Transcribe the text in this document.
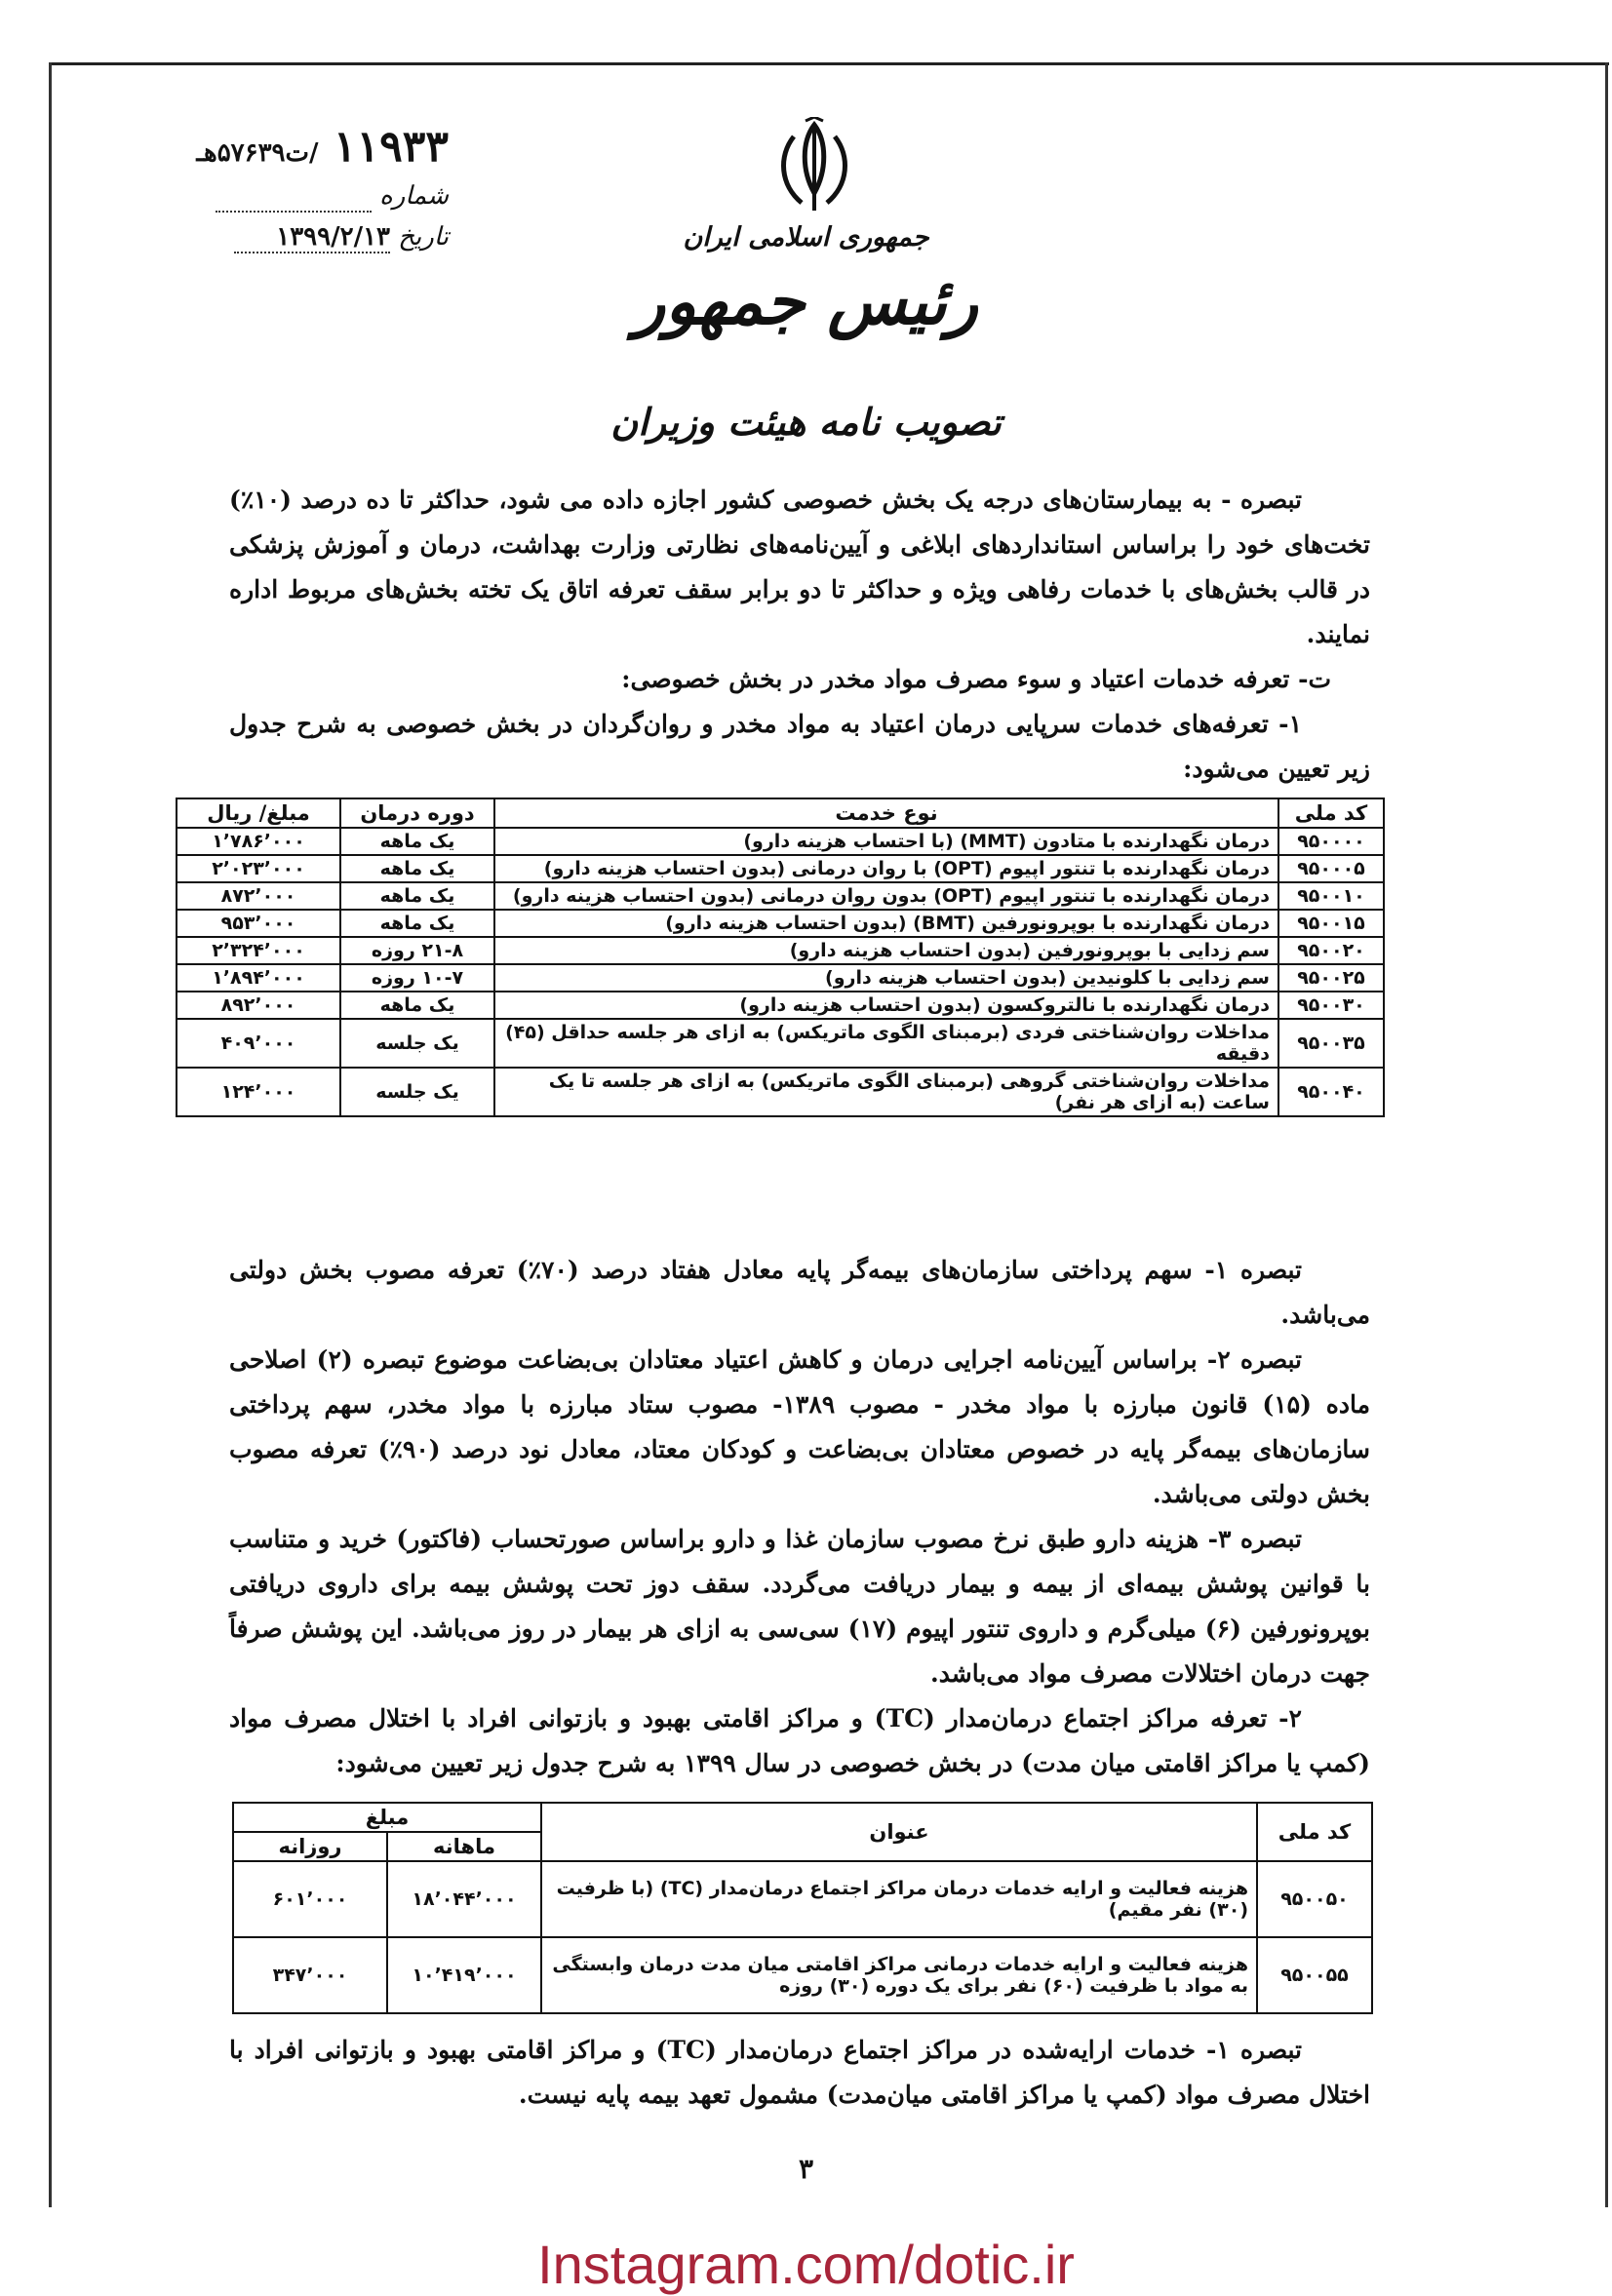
۱۱۹۳۳ /ت۵۷۶۳۹هـ
شماره
تاریخ ۱۳۹۹/۲/۱۳	جمهوری اسلامی ایران
رئیس جمهور
تصویب نامه هیئت وزیران

تبصره - به بیمارستان‌های درجه یک بخش خصوصی کشور اجازه داده می شود، حداکثر تا ده درصد (۱۰٪) تخت‌های خود را براساس استانداردهای ابلاغی و آیین‌نامه‌های نظارتی وزارت بهداشت، درمان و آموزش پزشکی در قالب بخش‌های با خدمات رفاهی ویژه و حداکثر تا دو برابر سقف تعرفه اتاق یک تخته بخش‌های مربوط اداره نمایند.

ت- تعرفه خدمات اعتیاد و سوء مصرف مواد مخدر در بخش خصوصی:

۱- تعرفه‌های خدمات سرپایی درمان اعتیاد به مواد مخدر و روان‌گردان در بخش خصوصی به شرح جدول زیر تعیین می‌شود:

کد ملی	نوع خدمت	دوره درمان	مبلغ/ ریال
۹۵۰۰۰۰	درمان نگهدارنده با متادون (MMT) (با احتساب هزینه دارو)	یک ماهه	۱٬۷۸۶٬۰۰۰
۹۵۰۰۰۵	درمان نگهدارنده با تنتور اپیوم (OPT) با روان درمانی (بدون احتساب هزینه دارو)	یک ماهه	۲٬۰۲۳٬۰۰۰
۹۵۰۰۱۰	درمان نگهدارنده با تنتور اپیوم (OPT) بدون روان درمانی (بدون احتساب هزینه دارو)	یک ماهه	۸۷۲٬۰۰۰
۹۵۰۰۱۵	درمان نگهدارنده با بوپرونورفین (BMT) (بدون احتساب هزینه دارو)	یک ماهه	۹۵۳٬۰۰۰
۹۵۰۰۲۰	سم زدایی با بوپرونورفین (بدون احتساب هزینه دارو)	۲۱-۸ روزه	۲٬۳۲۴٬۰۰۰
۹۵۰۰۲۵	سم زدایی با کلونیدین (بدون احتساب هزینه دارو)	۱۰-۷ روزه	۱٬۸۹۴٬۰۰۰
۹۵۰۰۳۰	درمان نگهدارنده با نالتروکسون (بدون احتساب هزینه دارو)	یک ماهه	۸۹۲٬۰۰۰
۹۵۰۰۳۵	مداخلات روان‌شناختی فردی (برمبنای الگوی ماتریکس) به ازای هر جلسه حداقل (۴۵) دقیقه	یک جلسه	۴۰۹٬۰۰۰
۹۵۰۰۴۰	مداخلات روان‌شناختی گروهی (برمبنای الگوی ماتریکس) به ازای هر جلسه تا یک ساعت (به ازای هر نفر)	یک جلسه	۱۲۴٬۰۰۰

تبصره ۱- سهم پرداختی سازمان‌های بیمه‌گر پایه معادل هفتاد درصد (۷۰٪) تعرفه مصوب بخش دولتی می‌باشد.

تبصره ۲- براساس آیین‌نامه اجرایی درمان و کاهش اعتیاد معتادان بی‌بضاعت موضوع تبصره (۲) اصلاحی ماده (۱۵) قانون مبارزه با مواد مخدر - مصوب ۱۳۸۹- مصوب ستاد مبارزه با مواد مخدر، سهم پرداختی سازمان‌های بیمه‌گر پایه در خصوص معتادان بی‌بضاعت و کودکان معتاد، معادل نود درصد (۹۰٪) تعرفه مصوب بخش دولتی می‌باشد.

تبصره ۳- هزینه دارو طبق نرخ مصوب سازمان غذا و دارو براساس صورتحساب (فاکتور) خرید و متناسب با قوانین پوشش بیمه‌ای از بیمه و بیمار دریافت می‌گردد. سقف دوز تحت پوشش بیمه برای داروی دریافتی بوپرونورفین (۶) میلی‌گرم و داروی تنتور اپیوم (۱۷) سی‌سی به ازای هر بیمار در روز می‌باشد. این پوشش صرفاً جهت درمان اختلالات مصرف مواد می‌باشد.

۲- تعرفه مراکز اجتماع درمان‌مدار (TC) و مراکز اقامتی بهبود و بازتوانی افراد با اختلال مصرف مواد (کمپ یا مراکز اقامتی میان مدت) در بخش خصوصی در سال ۱۳۹۹ به شرح جدول زیر تعیین می‌شود:

کد ملی	عنوان	مبلغ	
		ماهانه	روزانه
۹۵۰۰۵۰	هزینه فعالیت و ارایه خدمات درمان مراکز اجتماع درمان‌مدار (TC) (با ظرفیت (۳۰) نفر مقیم)	۱۸٬۰۴۴٬۰۰۰	۶۰۱٬۰۰۰
۹۵۰۰۵۵	هزینه فعالیت و ارایه خدمات درمانی مراکز اقامتی میان مدت درمان وابستگی به مواد با ظرفیت (۶۰) نفر برای یک دوره (۳۰) روزه	۱۰٬۴۱۹٬۰۰۰	۳۴۷٬۰۰۰

تبصره ۱- خدمات ارایه‌شده در مراکز اجتماع درمان‌مدار (TC) و مراکز اقامتی بهبود و بازتوانی افراد با اختلال مصرف مواد (کمپ یا مراکز اقامتی میان‌مدت) مشمول تعهد بیمه پایه نیست.

۳
Instagram.com/dotic.ir
